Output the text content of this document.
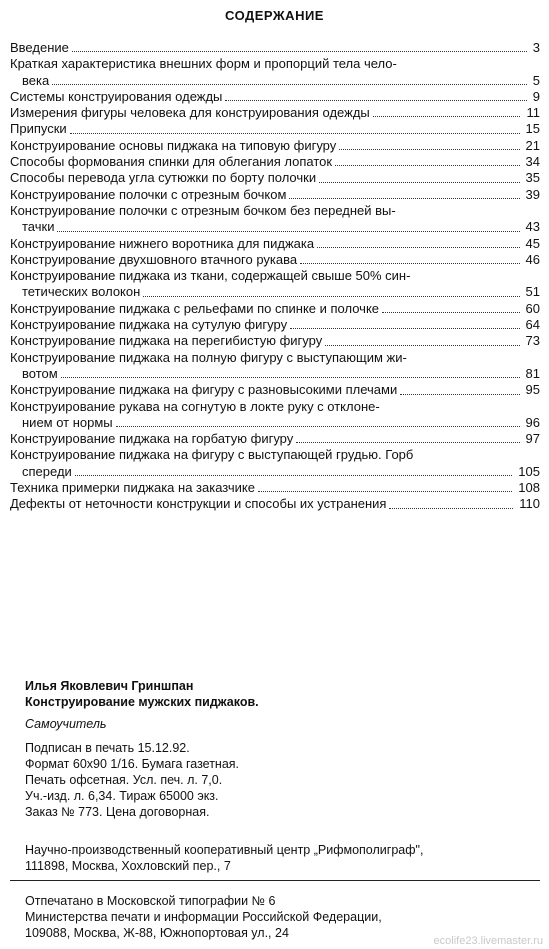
СОДЕРЖАНИЕ
Введение	3
Краткая характеристика внешних форм и пропорций тела чело-
века	5
Системы конструирования одежды	9
Измерения фигуры человека для конструирования одежды	11
Припуски	15
Конструирование основы пиджака на типовую фигуру	21
Способы формования спинки для облегания лопаток	34
Способы перевода угла сутюжки по борту полочки	35
Конструирование полочки с отрезным бочком	39
Конструирование полочки с отрезным бочком без передней вы-
тачки	43
Конструирование нижнего воротника для пиджака	45
Конструирование двухшовного втачного рукава	46
Конструирование пиджака из ткани, содержащей свыше 50% син-
тетических волокон	51
Конструирование пиджака с рельефами по спинке и полочке	60
Конструирование пиджака на сутулую фигуру	64
Конструирование пиджака на перегибистую фигуру	73
Конструирование пиджака на полную фигуру с выступающим жи-
вотом	81
Конструирование пиджака на фигуру с разновысокими плечами	95
Конструирование рукава на согнутую в локте руку с отклоне-
нием от нормы	96
Конструирование пиджака на горбатую фигуру	97
Конструирование пиджака на фигуру с выступающей грудью. Горб
спереди	105
Техника примерки пиджака на заказчике	108
Дефекты от неточности конструкции и способы их устранения	110
Илья Яковлевич Гриншпан
Конструирование мужских пиджаков.
Самоучитель
Подписан в печать 15.12.92.
Формат 60х90 1/16. Бумага газетная.
Печать офсетная. Усл. печ. л. 7,0.
Уч.-изд. л. 6,34. Тираж 65000 экз.
Заказ № 773. Цена договорная.
Научно-производственный кооперативный центр „Рифмополиграф",
111898, Москва, Хохловский пер., 7
Отпечатано в Московской типографии № 6
Министерства печати и информации Российской Федерации,
109088, Москва, Ж-88, Южнопортовая ул., 24
ecolife23.livemaster.ru
